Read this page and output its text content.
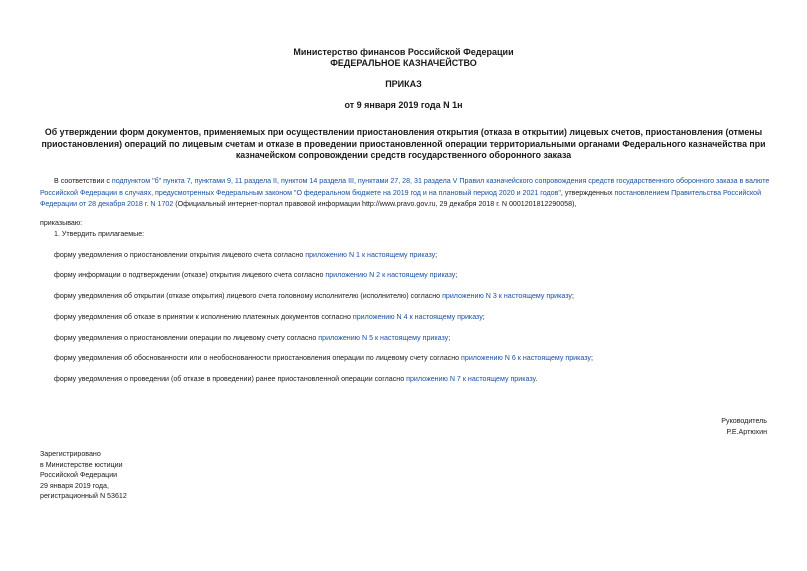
Министерство финансов Российской Федерации
ФЕДЕРАЛЬНОЕ КАЗНАЧЕЙСТВО
ПРИКАЗ
от 9 января 2019 года N 1н
Об утверждении форм документов, применяемых при осуществлении приостановления открытия (отказа в открытии) лицевых счетов, приостановления (отмены приостановления) операций по лицевым счетам и отказе в проведении приостановленной операции территориальными органами Федерального казначейства при казначейском сопровождении средств государственного оборонного заказа
В соответствии с подпунктом "б" пункта 7, пунктами 9, 11 раздела II, пунктом 14 раздела III, пунктами 27, 28, 31 раздела V Правил казначейского сопровождения средств государственного оборонного заказа в валюте Российской Федерации в случаях, предусмотренных Федеральным законом "О федеральном бюджете на 2019 год и на плановый период 2020 и 2021 годов", утвержденных постановлением Правительства Российской Федерации от 28 декабря 2018 г. N 1702 (Официальный интернет-портал правовой информации http://www.pravo.gov.ru, 29 декабря 2018 г. N 0001201812290058),
приказываю:
1. Утвердить прилагаемые:
форму уведомления о приостановлении открытия лицевого счета согласно приложению N 1 к настоящему приказу;
форму информации о подтверждении (отказе) открытия лицевого счета согласно приложению N 2 к настоящему приказу;
форму уведомления об открытии (отказе открытия) лицевого счета головному исполнителю (исполнителю) согласно приложению N 3 к настоящему приказу;
форму уведомления об отказе в принятии к исполнению платежных документов согласно приложению N 4 к настоящему приказу;
форму уведомления о приостановлении операции по лицевому счету согласно приложению N 5 к настоящему приказу;
форму уведомления об обоснованности или о необоснованности приостановления операции по лицевому счету согласно приложению N 6 к настоящему приказу;
форму уведомления о проведении (об отказе в проведении) ранее приостановленной операции согласно приложению N 7 к настоящему приказу.
Руководитель
Р.Е.Артюхин
Зарегистрировано
в Министерстве юстиции
Российской Федерации
29 января 2019 года,
регистрационный N 53612
